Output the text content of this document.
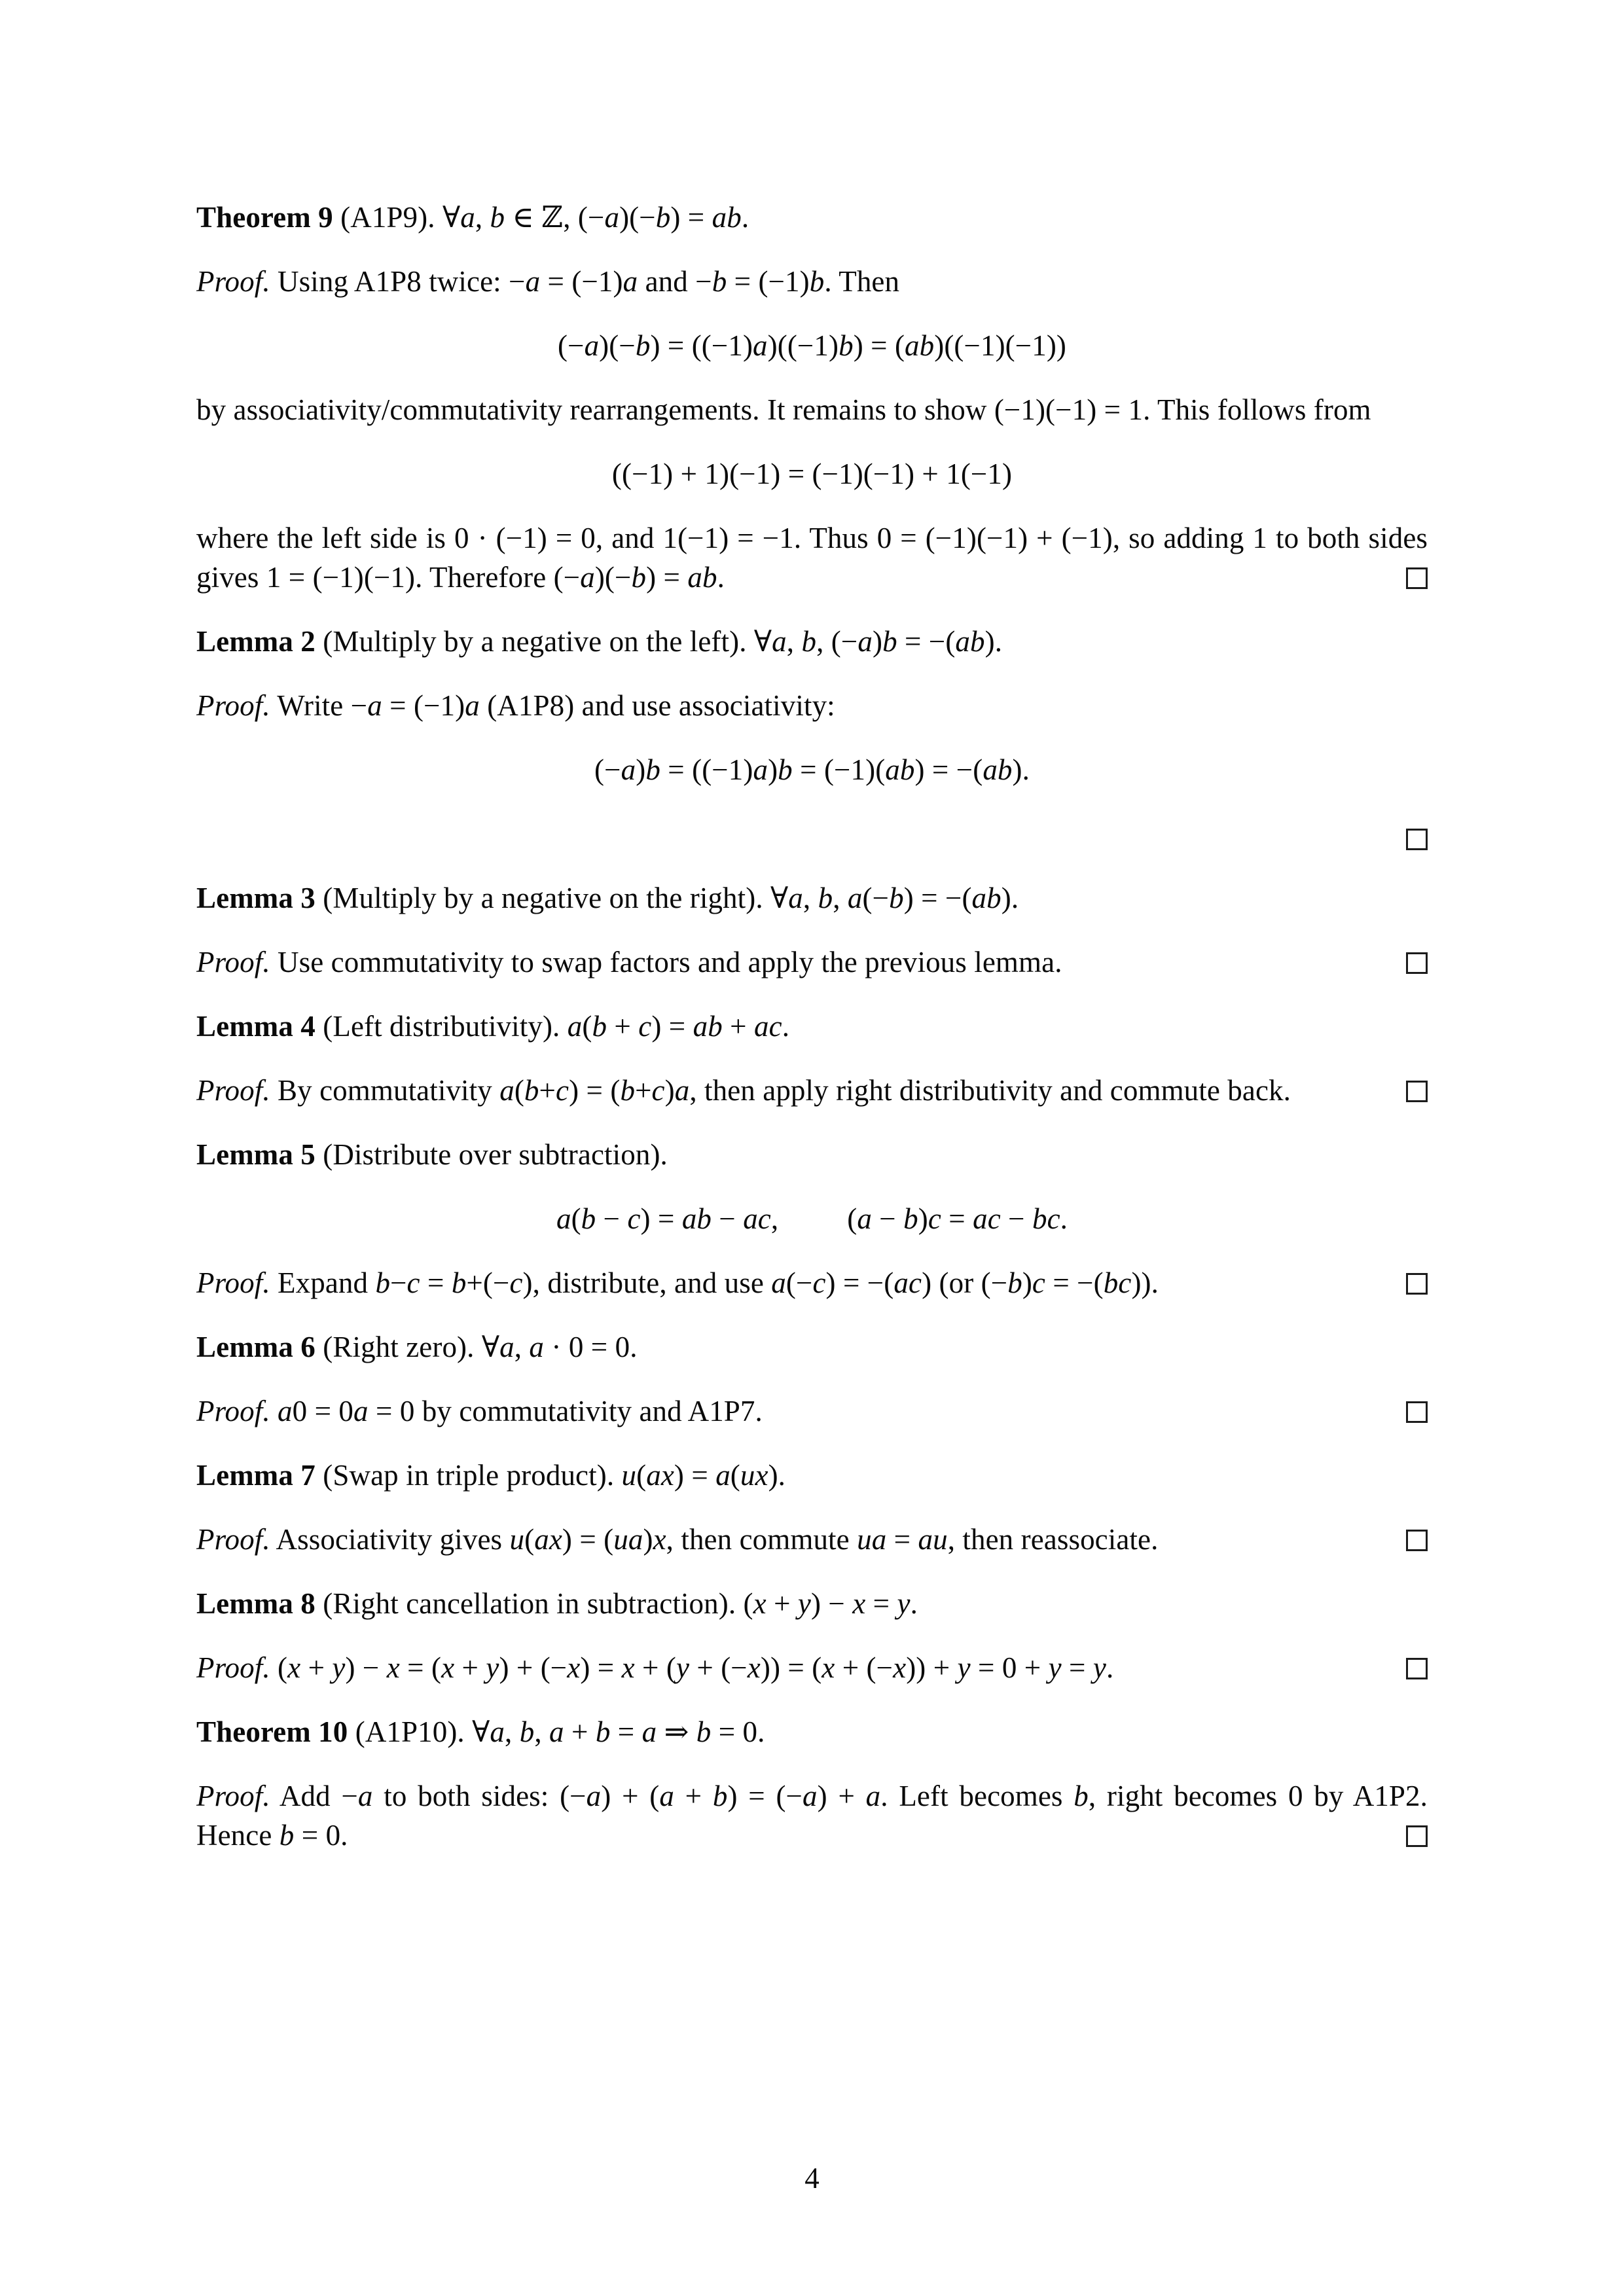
Theorem 9 (A1P9). ∀a, b ∈ ℤ, (−a)(−b) = ab.

Proof. Using A1P8 twice: −a = (−1)a and −b = (−1)b. Then

(−a)(−b) = ((−1)a)((−1)b) = (ab)((−1)(−1))

by associativity/commutativity rearrangements. It remains to show (−1)(−1) = 1. This follows from

((−1) + 1)(−1) = (−1)(−1) + 1(−1)

where the left side is 0 · (−1) = 0, and 1(−1) = −1. Thus 0 = (−1)(−1) + (−1), so adding 1 to both sides gives 1 = (−1)(−1). Therefore (−a)(−b) = ab.

Lemma 2 (Multiply by a negative on the left). ∀a, b, (−a)b = −(ab).

Proof. Write −a = (−1)a (A1P8) and use associativity:

(−a)b = ((−1)a)b = (−1)(ab) = −(ab).

Lemma 3 (Multiply by a negative on the right). ∀a, b, a(−b) = −(ab).

Proof. Use commutativity to swap factors and apply the previous lemma.

Lemma 4 (Left distributivity). a(b + c) = ab + ac.

Proof. By commutativity a(b+c) = (b+c)a, then apply right distributivity and commute back.

Lemma 5 (Distribute over subtraction).

a(b − c) = ab − ac, (a − b)c = ac − bc.

Proof. Expand b−c = b+(−c), distribute, and use a(−c) = −(ac) (or (−b)c = −(bc)).

Lemma 6 (Right zero). ∀a, a · 0 = 0.

Proof. a0 = 0a = 0 by commutativity and A1P7.

Lemma 7 (Swap in triple product). u(ax) = a(ux).

Proof. Associativity gives u(ax) = (ua)x, then commute ua = au, then reassociate.

Lemma 8 (Right cancellation in subtraction). (x + y) − x = y.

Proof. (x + y) − x = (x + y) + (−x) = x + (y + (−x)) = (x + (−x)) + y = 0 + y = y.

Theorem 10 (A1P10). ∀a, b, a + b = a ⇒ b = 0.

Proof. Add −a to both sides: (−a) + (a + b) = (−a) + a. Left becomes b, right becomes 0 by A1P2. Hence b = 0.

4
